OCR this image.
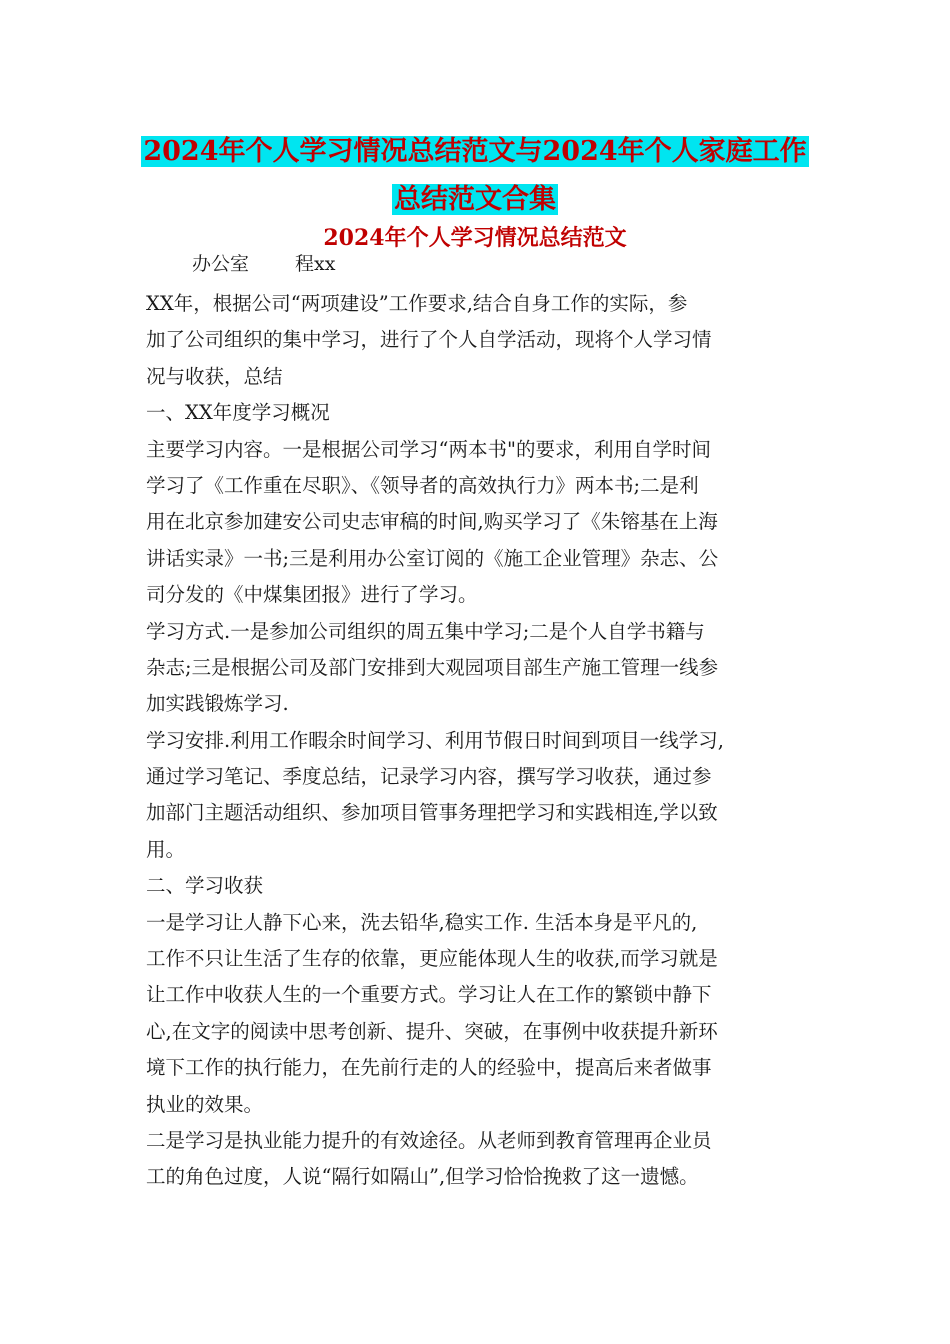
2024年个人学习情况总结范文与2024年个人家庭工作
总结范文合集
2024年个人学习情况总结范文
办公室 程xx
XX年，根据公司“两项建设”工作要求,结合自身工作的实际，参
加了公司组织的集中学习，进行了个人自学活动，现将个人学习情
况与收获，总结
一、XX年度学习概况
主要学习内容。一是根据公司学习“两本书"的要求，利用自学时间
学习了《工作重在尽职》、《领导者的高效执行力》两本书;二是利
用在北京参加建安公司史志审稿的时间,购买学习了《朱镕基在上海
讲话实录》一书;三是利用办公室订阅的《施工企业管理》杂志、公
司分发的《中煤集团报》进行了学习。
学习方式.一是参加公司组织的周五集中学习;二是个人自学书籍与
杂志;三是根据公司及部门安排到大观园项目部生产施工管理一线参
加实践锻炼学习.
学习安排.利用工作暇余时间学习、利用节假日时间到项目一线学习,
通过学习笔记、季度总结，记录学习内容，撰写学习收获，通过参
加部门主题活动组织、参加项目管事务理把学习和实践相连,学以致
用。
二、学习收获
一是学习让人静下心来，洗去铅华,稳实工作. 生活本身是平凡的,
工作不只让生活了生存的依靠，更应能体现人生的收获,而学习就是
让工作中收获人生的一个重要方式。学习让人在工作的繁锁中静下
心,在文字的阅读中思考创新、提升、突破，在事例中收获提升新环
境下工作的执行能力，在先前行走的人的经验中，提高后来者做事
执业的效果。
二是学习是执业能力提升的有效途径。从老师到教育管理再企业员
工的角色过度，人说“隔行如隔山”,但学习恰恰挽救了这一遗憾。
